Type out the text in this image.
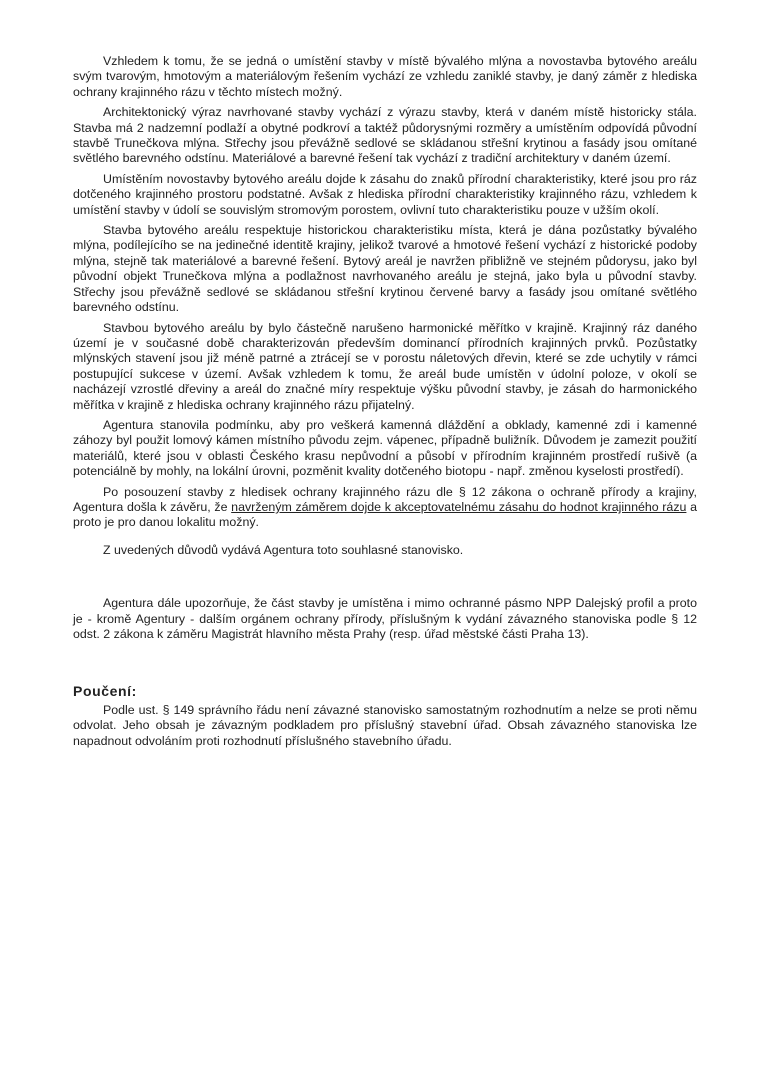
Vzhledem k tomu, že se jedná o umístění stavby v místě bývalého mlýna a novostavba bytového areálu svým tvarovým, hmotovým a materiálovým řešením vychází ze vzhledu zaniklé stavby, je daný záměr z hlediska ochrany krajinného rázu v těchto místech možný.

Architektonický výraz navrhované stavby vychází z výrazu stavby, která v daném místě historicky stála. Stavba má 2 nadzemní podlaží a obytné podkroví a taktéž půdorysnými rozměry a umístěním odpovídá původní stavbě Trunečkova mlýna. Střechy jsou převážně sedlové se skládanou střešní krytinou a fasády jsou omítané světlého barevného odstínu. Materiálové a barevné řešení tak vychází z tradiční architektury v daném území.

Umístěním novostavby bytového areálu dojde k zásahu do znaků přírodní charakteristiky, které jsou pro ráz dotčeného krajinného prostoru podstatné. Avšak z hlediska přírodní charakteristiky krajinného rázu, vzhledem k umístění stavby v údolí se souvislým stromovým porostem, ovlivní tuto charakteristiku pouze v užším okolí.

Stavba bytového areálu respektuje historickou charakteristiku místa, která je dána pozůstatky bývalého mlýna, podílejícího se na jedinečné identitě krajiny, jelikož tvarové a hmotové řešení vychází z historické podoby mlýna, stejně tak materiálové a barevné řešení. Bytový areál je navržen přibližně ve stejném půdorysu, jako byl původní objekt Trunečkova mlýna a podlažnost navrhovaného areálu je stejná, jako byla u původní stavby. Střechy jsou převážně sedlové se skládanou střešní krytinou červené barvy a fasády jsou omítané světlého barevného odstínu.

Stavbou bytového areálu by bylo částečně narušeno harmonické měřítko v krajině. Krajinný ráz daného území je v současné době charakterizován především dominancí přírodních krajinných prvků. Pozůstatky mlýnských stavení jsou již méně patrné a ztrácejí se v porostu náletových dřevin, které se zde uchytily v rámci postupující sukcese v území. Avšak vzhledem k tomu, že areál bude umístěn v údolní poloze, v okolí se nacházejí vzrostlé dřeviny a areál do značné míry respektuje výšku původní stavby, je zásah do harmonického měřítka v krajině z hlediska ochrany krajinného rázu přijatelný.

Agentura stanovila podmínku, aby pro veškerá kamenná dláždění a obklady, kamenné zdi i kamenné záhozy byl použit lomový kámen místního původu zejm. vápenec, případně buližník. Důvodem je zamezit použití materiálů, které jsou v oblasti Českého krasu nepůvodní a působí v přírodním krajinném prostředí rušivě (a potenciálně by mohly, na lokální úrovni, pozměnit kvality dotčeného biotopu - např. změnou kyselosti prostředí).

Po posouzení stavby z hledisek ochrany krajinného rázu dle § 12 zákona o ochraně přírody a krajiny, Agentura došla k závěru, že navrženým záměrem dojde k akceptovatelnému zásahu do hodnot krajinného rázu a proto je pro danou lokalitu možný.

Z uvedených důvodů vydává Agentura toto souhlasné stanovisko.

Agentura dále upozorňuje, že část stavby je umístěna i mimo ochranné pásmo NPP Dalejský profil a proto je - kromě Agentury - dalším orgánem ochrany přírody, příslušným k vydání závazného stanoviska podle § 12 odst. 2 zákona k záměru Magistrát hlavního města Prahy (resp. úřad městské části Praha 13).

Poučení:

Podle ust. § 149 správního řádu není závazné stanovisko samostatným rozhodnutím a nelze se proti němu odvolat. Jeho obsah je závazným podkladem pro příslušný stavební úřad. Obsah závazného stanoviska lze napadnout odvoláním proti rozhodnutí příslušného stavebního úřadu.
